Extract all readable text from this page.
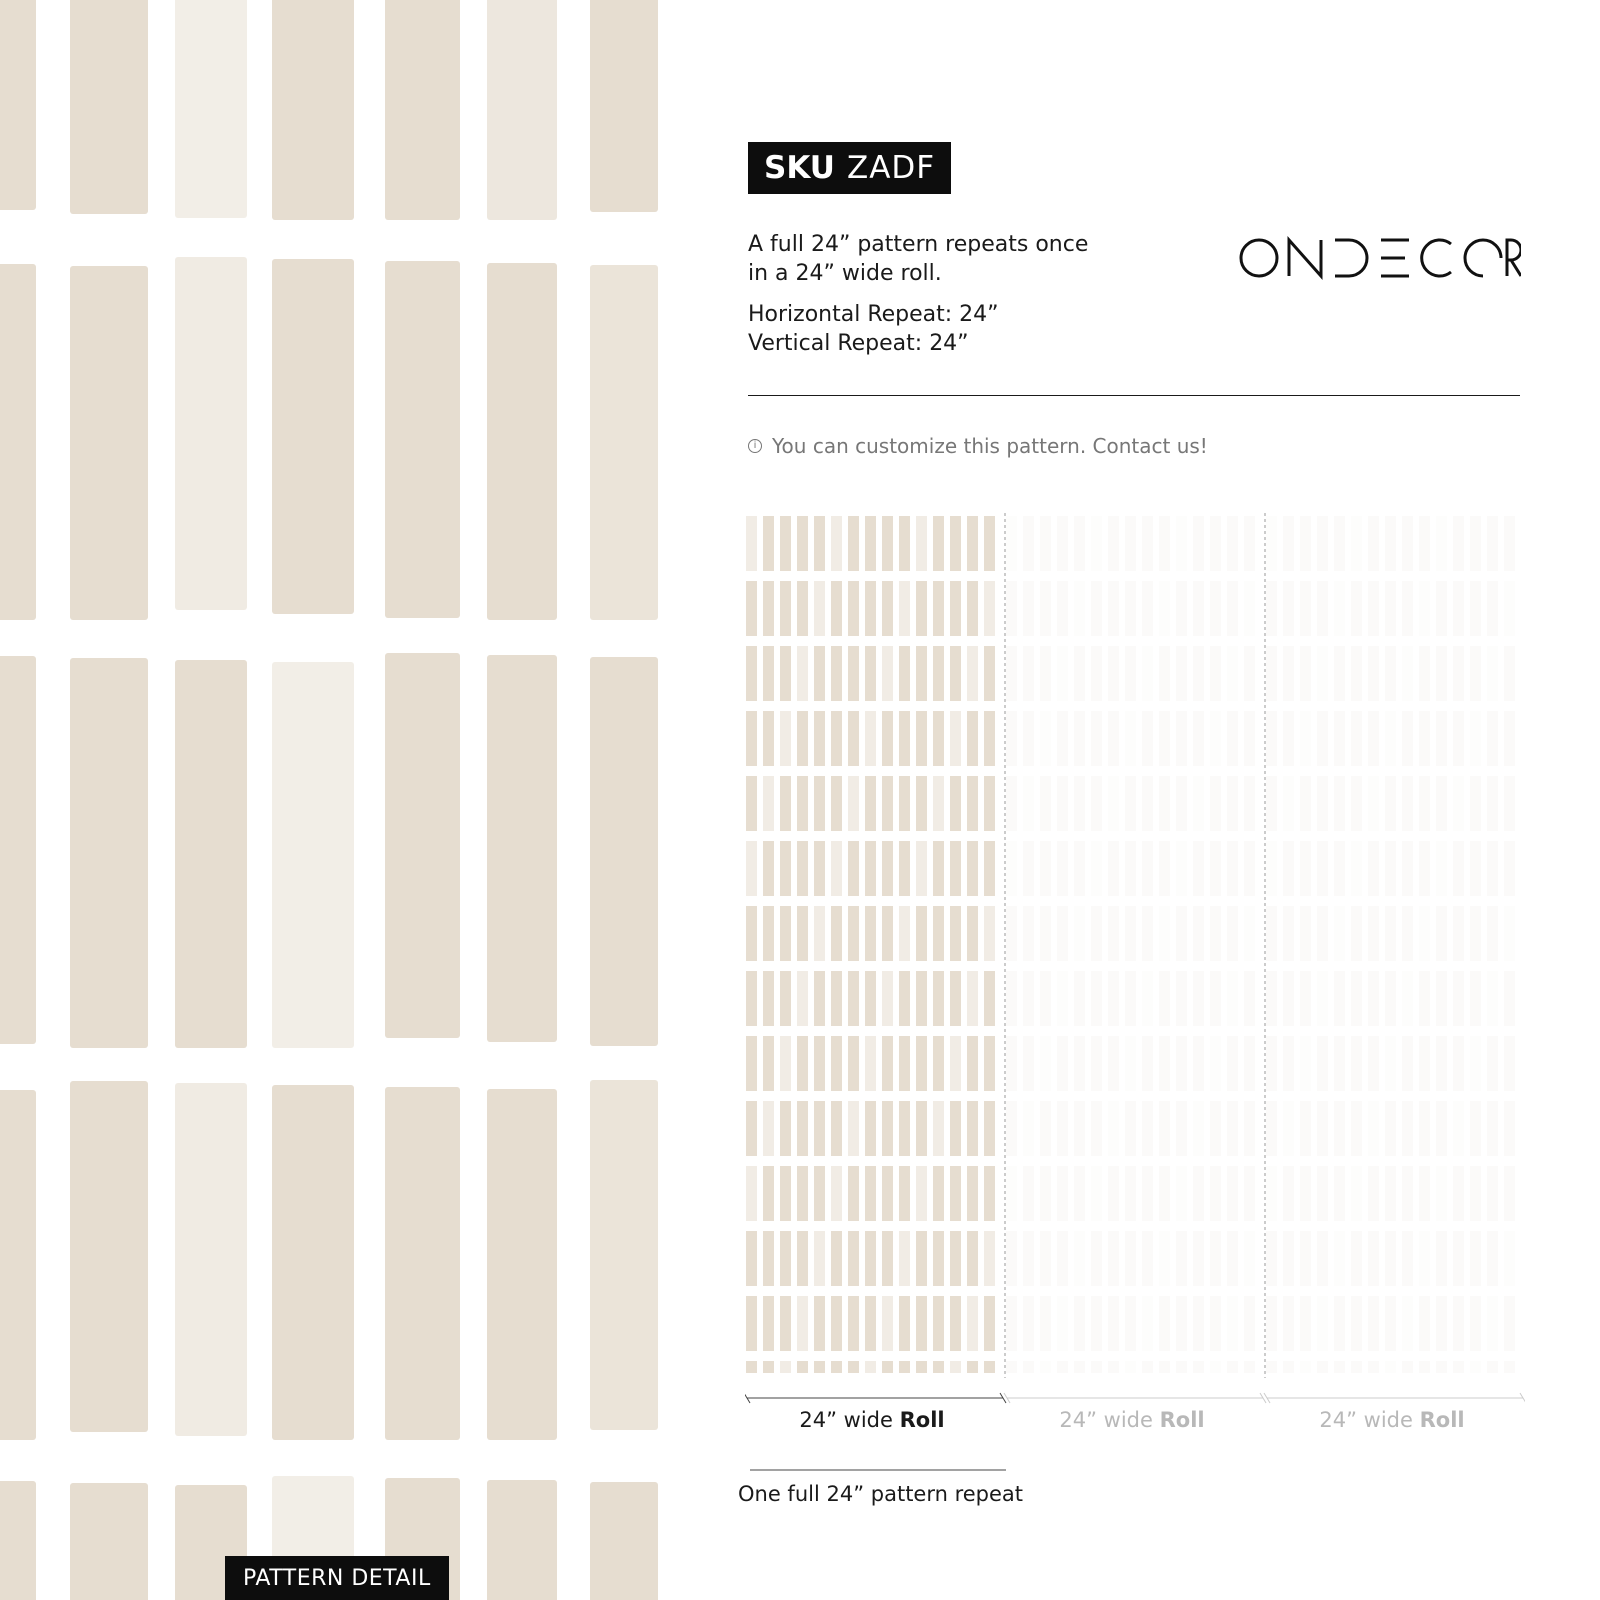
PATTERN DETAIL
SKU ZADF
A full 24” pattern repeats once
in a 24” wide roll.
Horizontal Repeat: 24”
Vertical Repeat: 24”
ONDECOR
i You can customize this pattern. Contact us!
24” wide Roll	24” wide Roll	24” wide Roll
One full 24” pattern repeat
